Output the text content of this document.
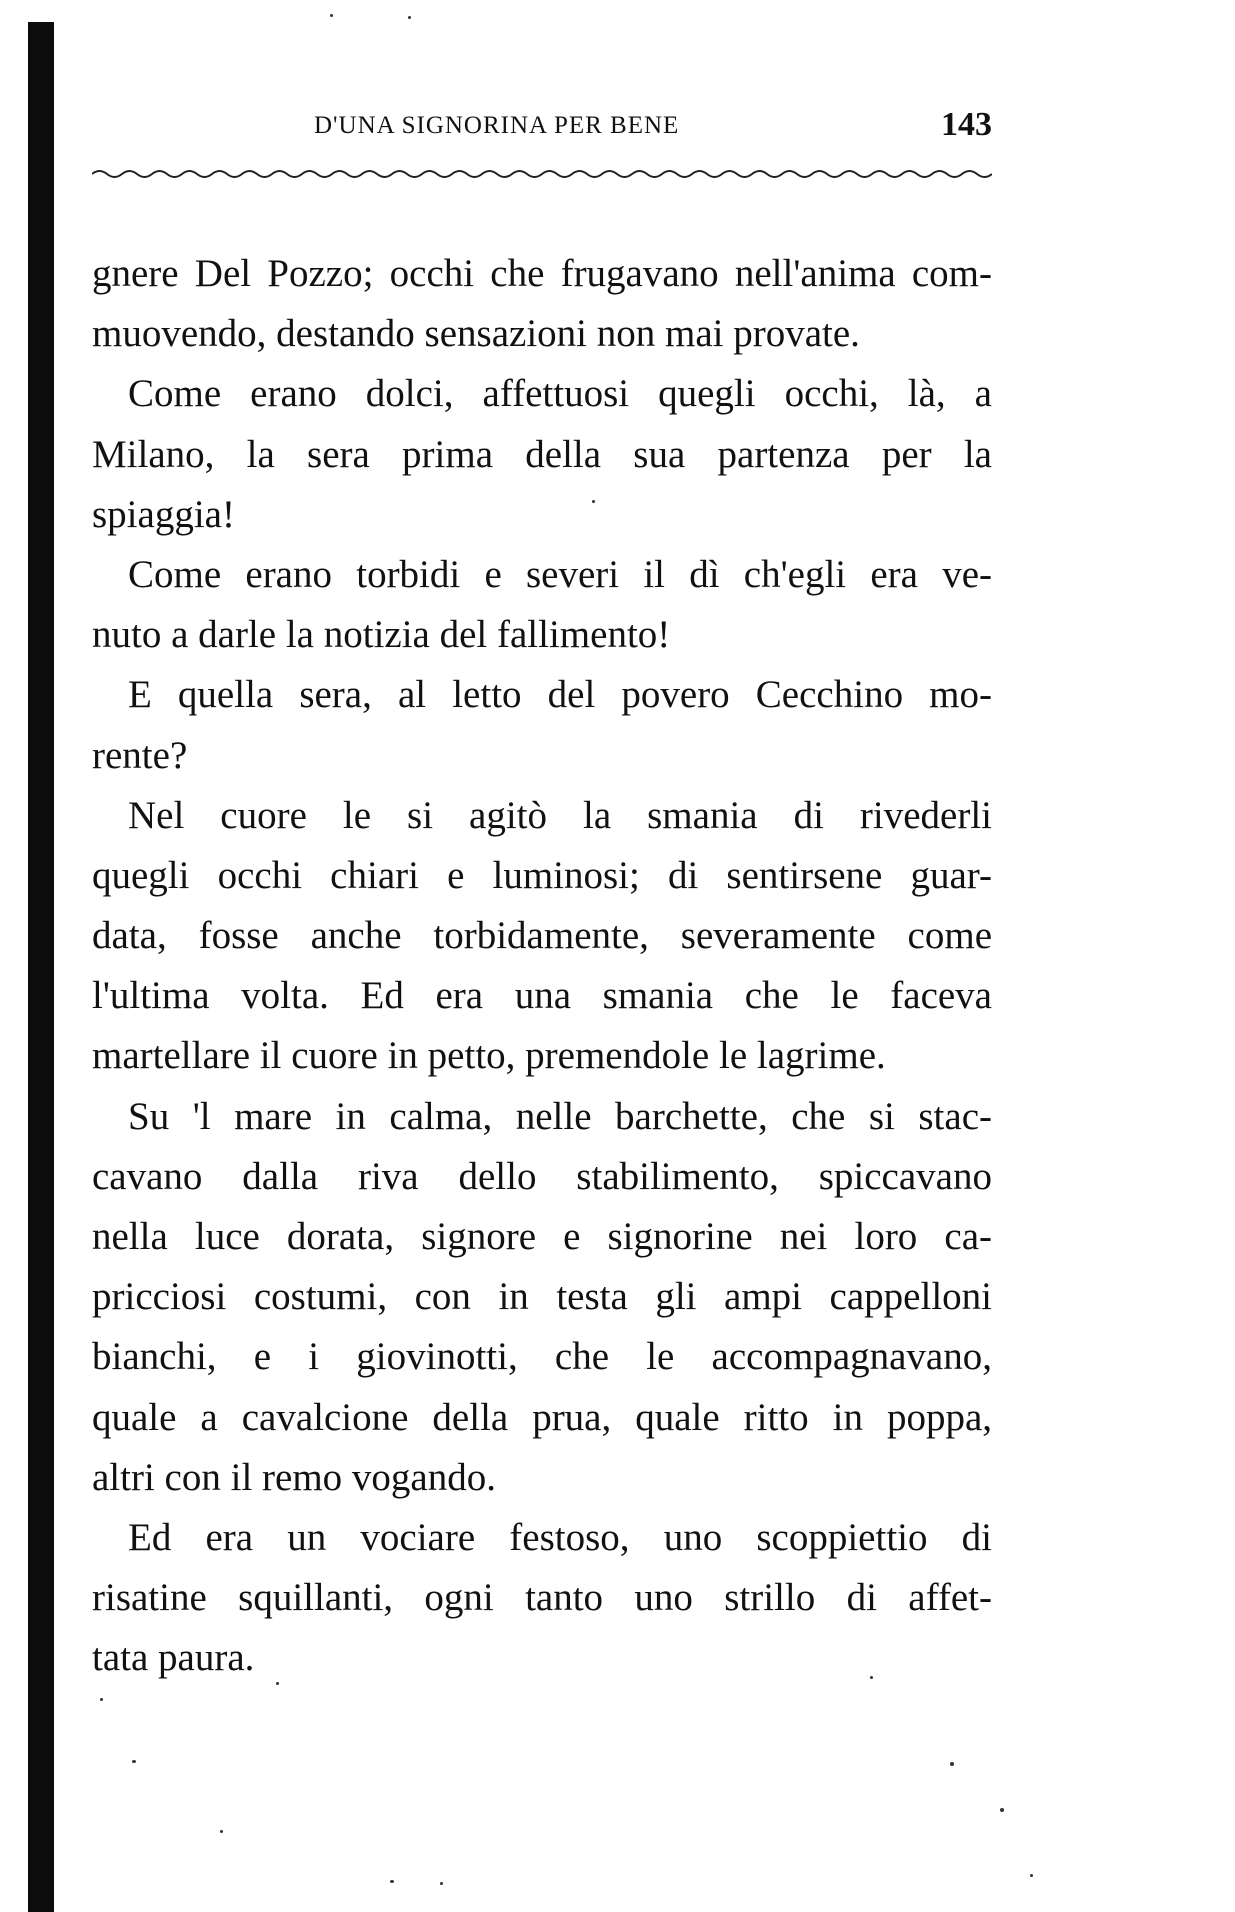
D'UNA SIGNORINA PER BENE	143
gnere Del Pozzo; occhi che frugavano nell'anima com-
muovendo, destando sensazioni non mai provate.
Come erano dolci, affettuosi quegli occhi, là, a
Milano, la sera prima della sua partenza per la
spiaggia!
Come erano torbidi e severi il dì ch'egli era ve-
nuto a darle la notizia del fallimento!
E quella sera, al letto del povero Cecchino mo-
rente?
Nel cuore le si agitò la smania di rivederli
quegli occhi chiari e luminosi; di sentirsene guar-
data, fosse anche torbidamente, severamente come
l'ultima volta. Ed era una smania che le faceva
martellare il cuore in petto, premendole le lagrime.
Su 'l mare in calma, nelle barchette, che si stac-
cavano dalla riva dello stabilimento, spiccavano
nella luce dorata, signore e signorine nei loro ca-
pricciosi costumi, con in testa gli ampi cappelloni
bianchi, e i giovinotti, che le accompagnavano,
quale a cavalcione della prua, quale ritto in poppa,
altri con il remo vogando.
Ed era un vociare festoso, uno scoppiettio di
risatine squillanti, ogni tanto uno strillo di affet-
tata paura.
